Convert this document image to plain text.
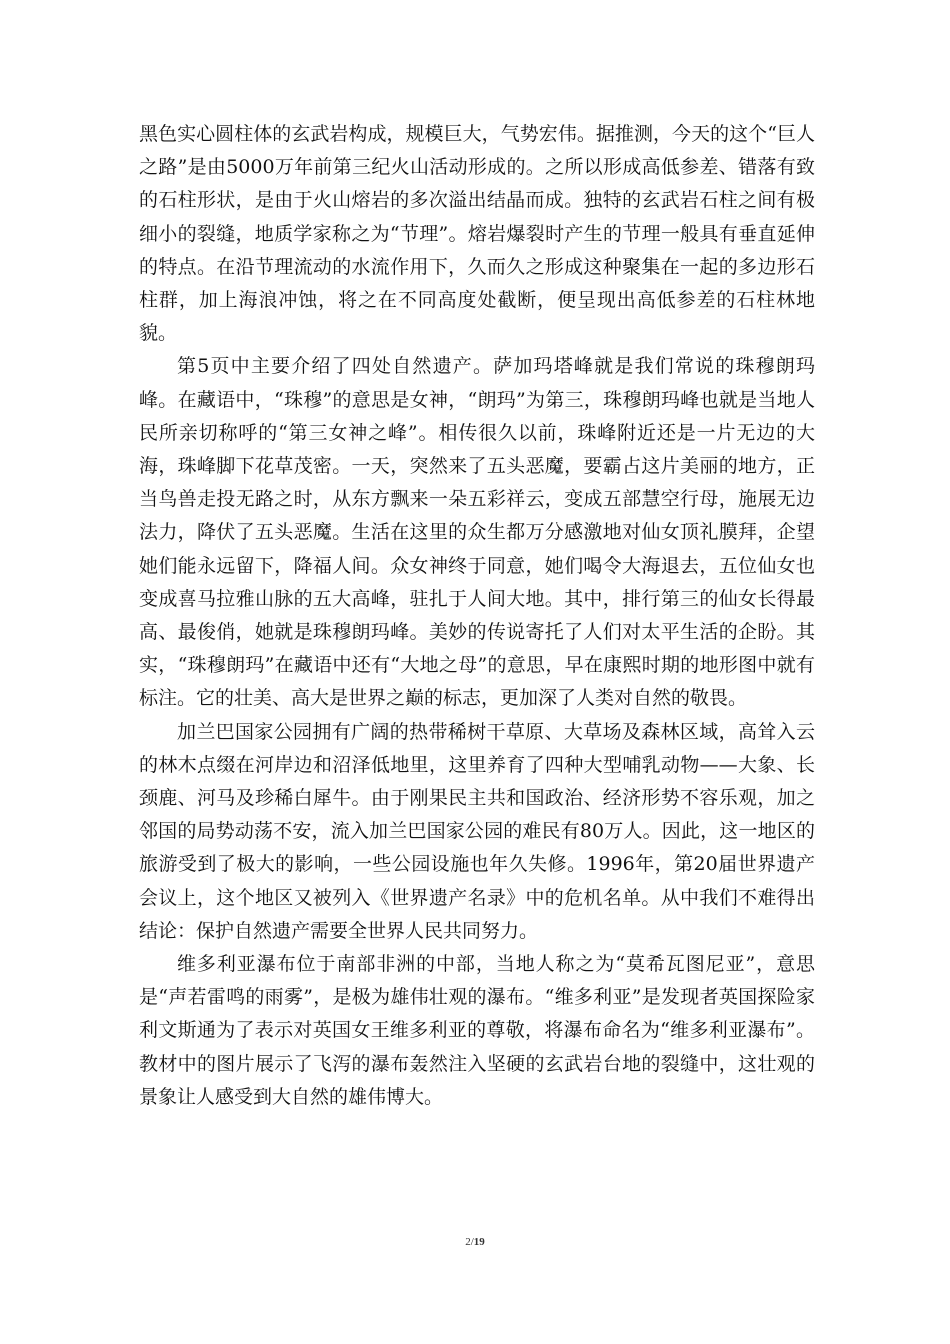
黑色实心圆柱体的玄武岩构成，规模巨大，气势宏伟。据推测，今天的这个“巨人之路”是由5000万年前第三纪火山活动形成的。之所以形成高低参差、错落有致的石柱形状，是由于火山熔岩的多次溢出结晶而成。独特的玄武岩石柱之间有极细小的裂缝，地质学家称之为“节理”。熔岩爆裂时产生的节理一般具有垂直延伸的特点。在沿节理流动的水流作用下，久而久之形成这种聚集在一起的多边形石柱群，加上海浪冲蚀，将之在不同高度处截断，便呈现出高低参差的石柱林地貌。

第5页中主要介绍了四处自然遗产。萨加玛塔峰就是我们常说的珠穆朗玛峰。在藏语中，“珠穆”的意思是女神，“朗玛”为第三，珠穆朗玛峰也就是当地人民所亲切称呼的“第三女神之峰”。相传很久以前，珠峰附近还是一片无边的大海，珠峰脚下花草茂密。一天，突然来了五头恶魔，要霸占这片美丽的地方，正当鸟兽走投无路之时，从东方飘来一朵五彩祥云，变成五部慧空行母，施展无边法力，降伏了五头恶魔。生活在这里的众生都万分感激地对仙女顶礼膜拜，企望她们能永远留下，降福人间。众女神终于同意，她们喝令大海退去，五位仙女也变成喜马拉雅山脉的五大高峰，驻扎于人间大地。其中，排行第三的仙女长得最高、最俊俏，她就是珠穆朗玛峰。美妙的传说寄托了人们对太平生活的企盼。其实，“珠穆朗玛”在藏语中还有“大地之母”的意思，早在康熙时期的地形图中就有标注。它的壮美、高大是世界之巅的标志，更加深了人类对自然的敬畏。

加兰巴国家公园拥有广阔的热带稀树干草原、大草场及森林区域，高耸入云的林木点缀在河岸边和沼泽低地里，这里养育了四种大型哺乳动物——大象、长颈鹿、河马及珍稀白犀牛。由于刚果民主共和国政治、经济形势不容乐观，加之邻国的局势动荡不安，流入加兰巴国家公园的难民有80万人。因此，这一地区的旅游受到了极大的影响，一些公园设施也年久失修。1996年，第20届世界遗产会议上，这个地区又被列入《世界遗产名录》中的危机名单。从中我们不难得出结论：保护自然遗产需要全世界人民共同努力。

维多利亚瀑布位于南部非洲的中部，当地人称之为“莫希瓦图尼亚”，意思是“声若雷鸣的雨雾”，是极为雄伟壮观的瀑布。“维多利亚”是发现者英国探险家利文斯通为了表示对英国女王维多利亚的尊敬，将瀑布命名为“维多利亚瀑布”。教材中的图片展示了飞泻的瀑布轰然注入坚硬的玄武岩台地的裂缝中，这壮观的景象让人感受到大自然的雄伟博大。

2/19
